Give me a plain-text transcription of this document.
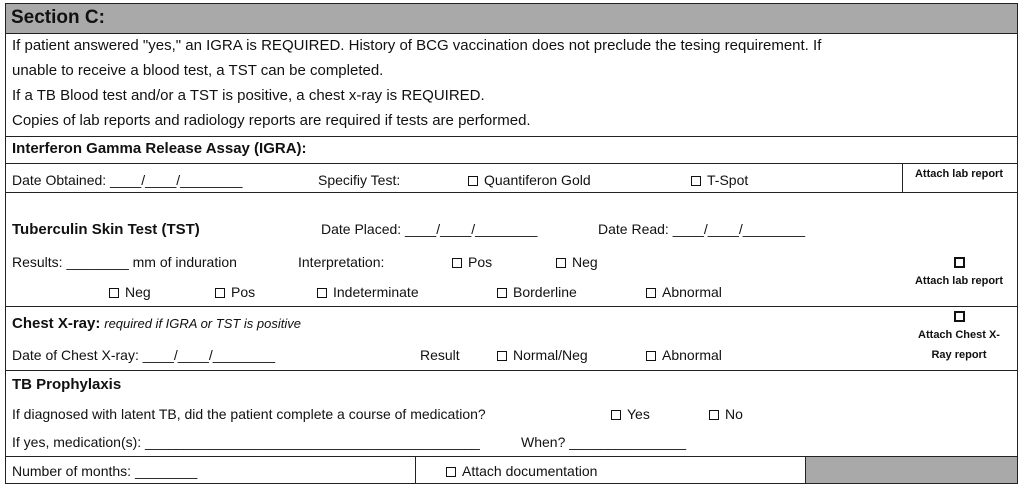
Section C:
If patient answered "yes," an IGRA is REQUIRED. History of BCG vaccination does not preclude the tesing requirement. If
unable to receive a blood test, a TST can be completed.
If a TB Blood test and/or a TST is positive, a chest x-ray is REQUIRED.
Copies of lab reports and radiology reports are required if tests are performed.
Interferon Gamma Release Assay (IGRA):
Date Obtained: ____/____/________	Specifiy Test:	Quantiferon Gold	T-Spot	Attach lab report
Tuberculin Skin Test (TST)	Date Placed: ____/____/________	Date Read: ____/____/________
Results: ________ mm of induration	Interpretation:	Pos	Neg
Neg	Pos	Indeterminate	Borderline	Abnormal
Attach lab report
Chest X-ray: required if IGRA or TST is positive
Date of Chest X-ray: ____/____/________	Result	Normal/Neg	Abnormal
Attach Chest X-
Ray report
TB Prophylaxis
If diagnosed with latent TB, did the patient complete a course of medication?	Yes	No
If yes, medication(s): ___________________________________________	When? _______________
Number of months: ________	Attach documentation
